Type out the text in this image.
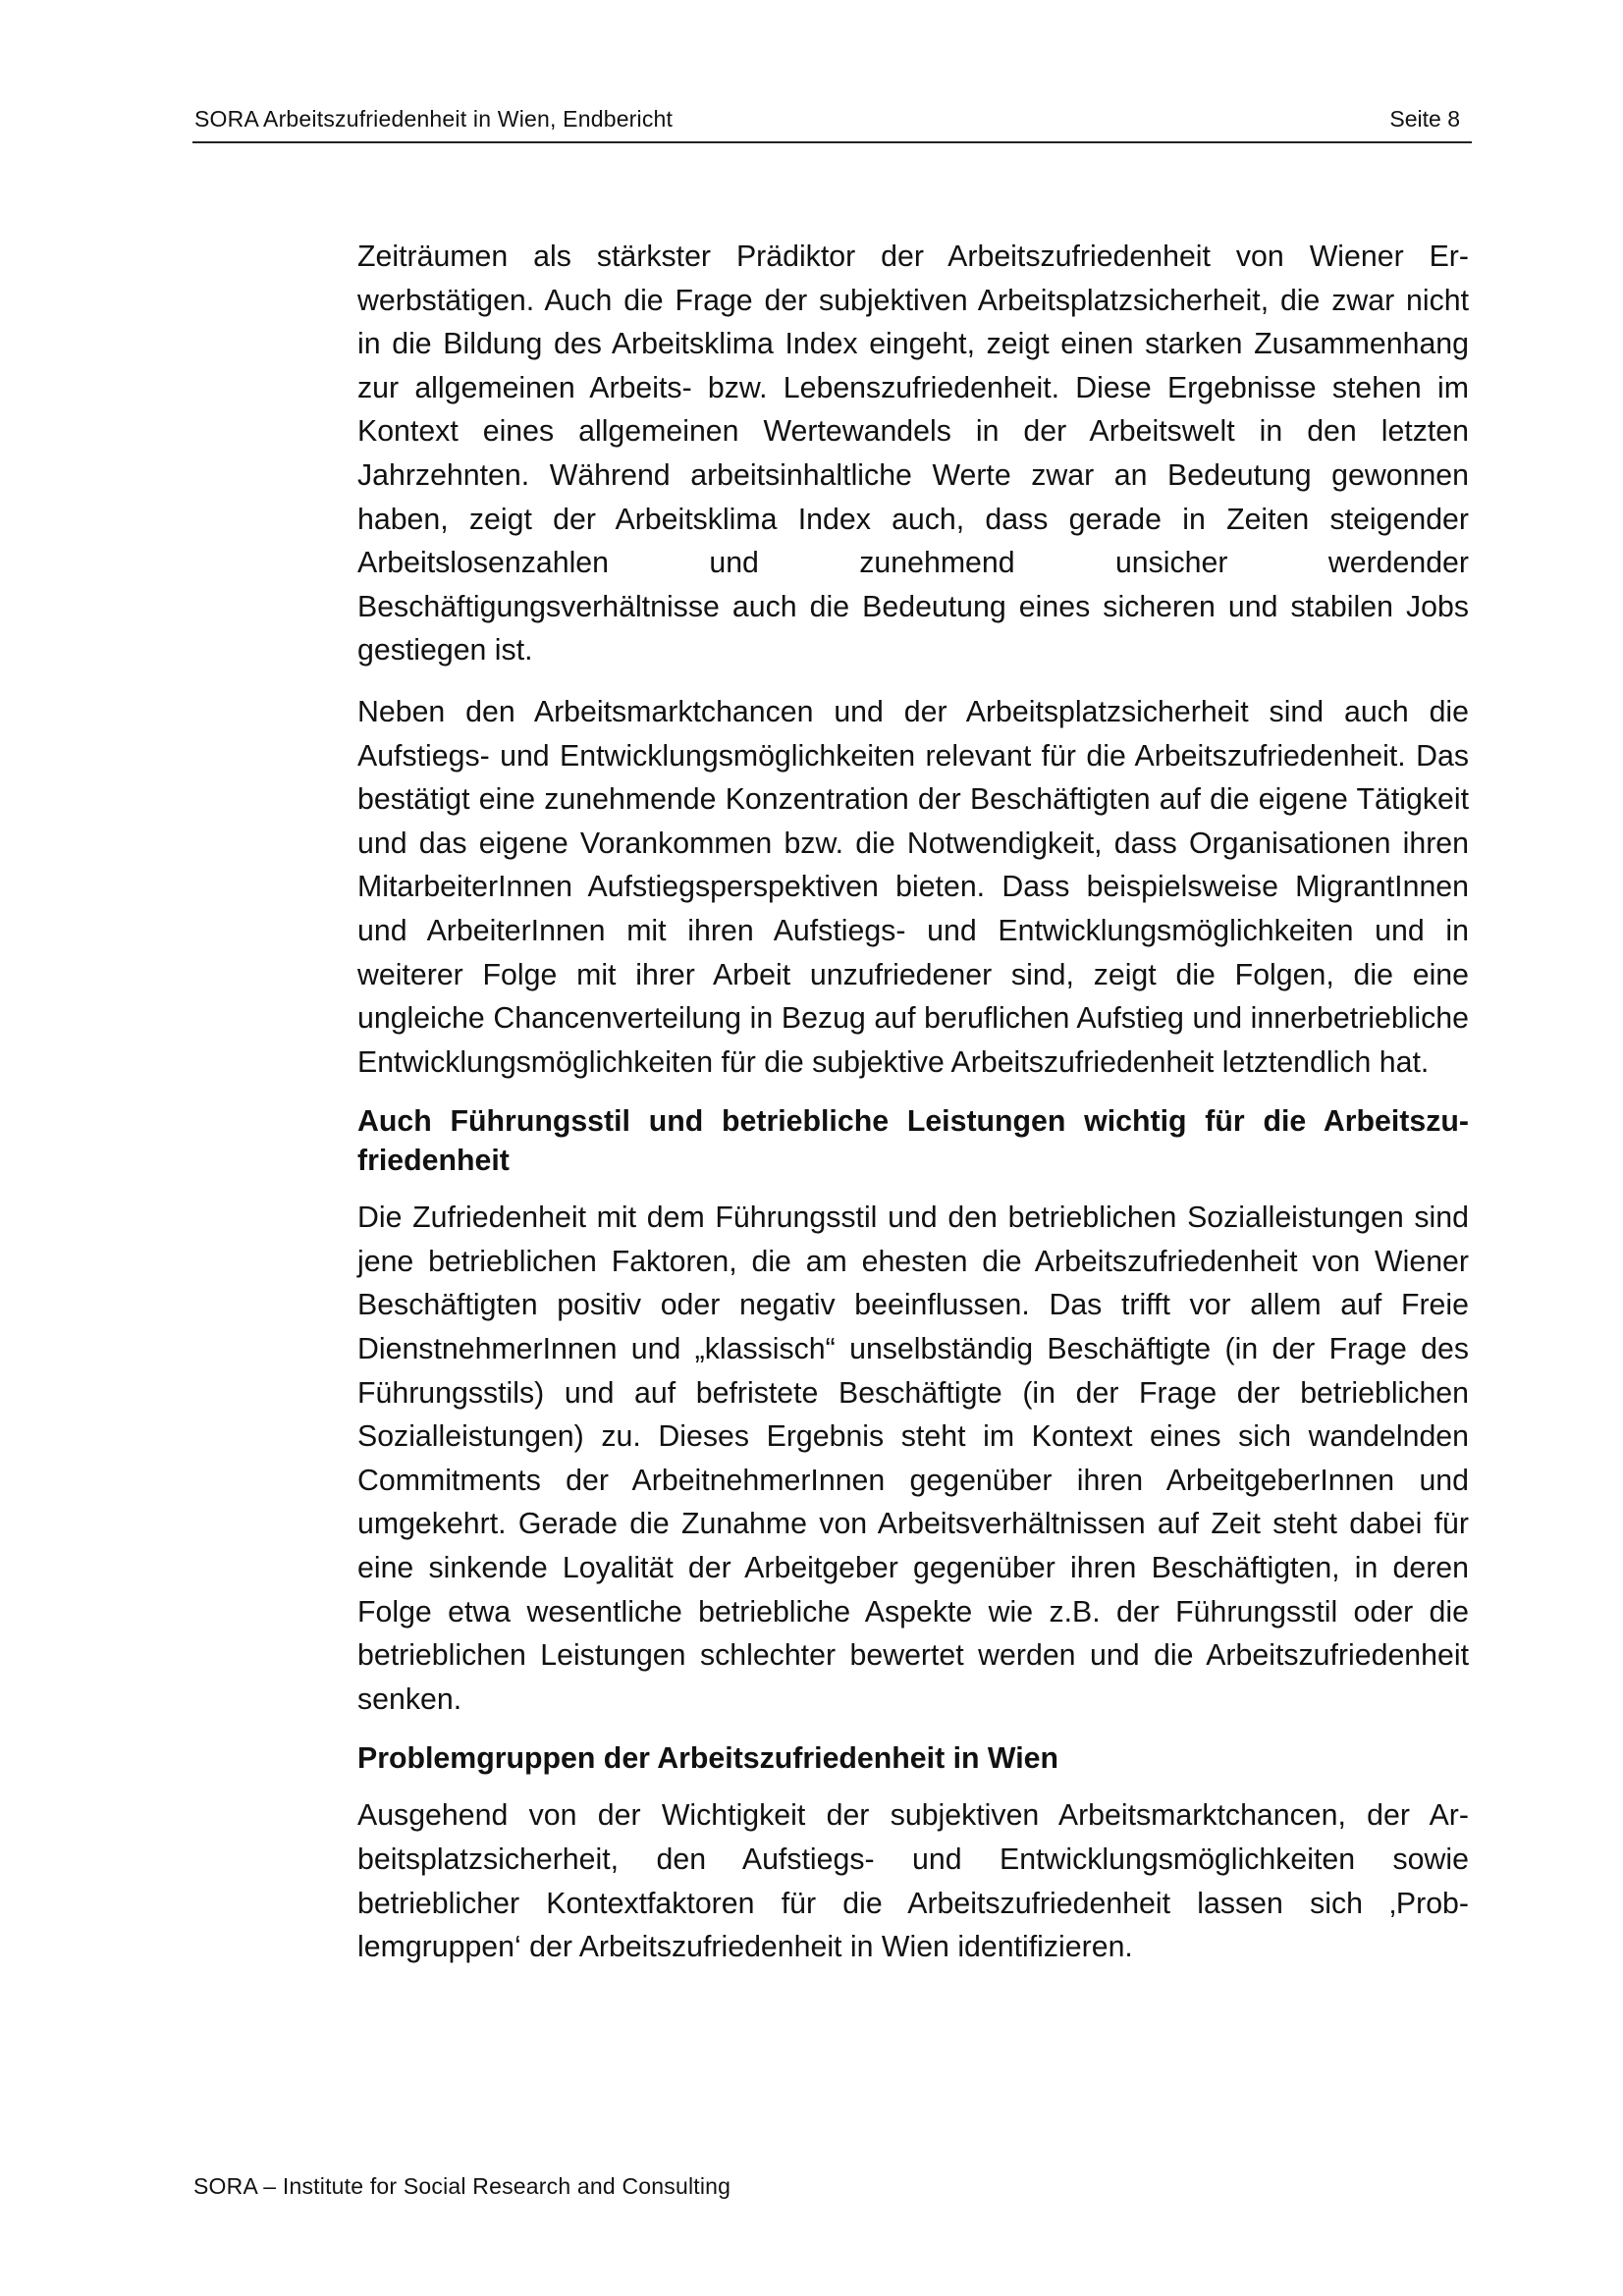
SORA Arbeitszufriedenheit in Wien, Endbericht	Seite 8

Zeiträumen als stärkster Prädiktor der Arbeitszufriedenheit von Wiener Erwerbstätigen. Auch die Frage der subjektiven Arbeitsplatzsicherheit, die zwar nicht in die Bildung des Arbeitsklima Index eingeht, zeigt einen starken Zusammenhang zur allgemeinen Arbeits- bzw. Lebenszufriedenheit. Diese Ergebnisse stehen im Kontext eines allgemeinen Wertewandels in der Arbeitswelt in den letzten Jahrzehnten. Während arbeitsinhaltliche Werte zwar an Bedeutung gewonnen haben, zeigt der Arbeitsklima Index auch, dass gerade in Zeiten steigender Arbeitslosenzahlen und zunehmend unsicher werdender Beschäftigungsverhältnisse auch die Bedeutung eines sicheren und stabilen Jobs gestiegen ist.

Neben den Arbeitsmarktchancen und der Arbeitsplatzsicherheit sind auch die Aufstiegs- und Entwicklungsmöglichkeiten relevant für die Arbeitszufriedenheit. Das bestätigt eine zunehmende Konzentration der Beschäftigten auf die eigene Tätigkeit und das eigene Vorankommen bzw. die Notwendigkeit, dass Organisationen ihren MitarbeiterInnen Aufstiegsperspektiven bieten. Dass beispielsweise MigrantInnen und ArbeiterInnen mit ihren Aufstiegs- und Entwicklungsmöglichkeiten und in weiterer Folge mit ihrer Arbeit unzufriedener sind, zeigt die Folgen, die eine ungleiche Chancenverteilung in Bezug auf beruflichen Aufstieg und innerbetriebliche Entwicklungsmöglichkeiten für die subjektive Arbeitszufriedenheit letztendlich hat.

Auch Führungsstil und betriebliche Leistungen wichtig für die Arbeitszufriedenheit

Die Zufriedenheit mit dem Führungsstil und den betrieblichen Sozialleistungen sind jene betrieblichen Faktoren, die am ehesten die Arbeitszufriedenheit von Wiener Beschäftigten positiv oder negativ beeinflussen. Das trifft vor allem auf Freie DienstnehmerInnen und „klassisch“ unselbständig Beschäftigte (in der Frage des Führungsstils) und auf befristete Beschäftigte (in der Frage der betrieblichen Sozialleistungen) zu. Dieses Ergebnis steht im Kontext eines sich wandelnden Commitments der ArbeitnehmerInnen gegenüber ihren ArbeitgeberInnen und umgekehrt. Gerade die Zunahme von Arbeitsverhältnissen auf Zeit steht dabei für eine sinkende Loyalität der Arbeitgeber gegenüber ihren Beschäftigten, in deren Folge etwa wesentliche betriebliche Aspekte wie z.B. der Führungsstil oder die betrieblichen Leistungen schlechter bewertet werden und die Arbeitszufriedenheit senken.

Problemgruppen der Arbeitszufriedenheit in Wien

Ausgehend von der Wichtigkeit der subjektiven Arbeitsmarktchancen, der Arbeitsplatzsicherheit, den Aufstiegs- und Entwicklungsmöglichkeiten sowie betrieblicher Kontextfaktoren für die Arbeitszufriedenheit lassen sich ‚Problemgruppen‘ der Arbeitszufriedenheit in Wien identifizieren.

SORA – Institute for Social Research and Consulting
